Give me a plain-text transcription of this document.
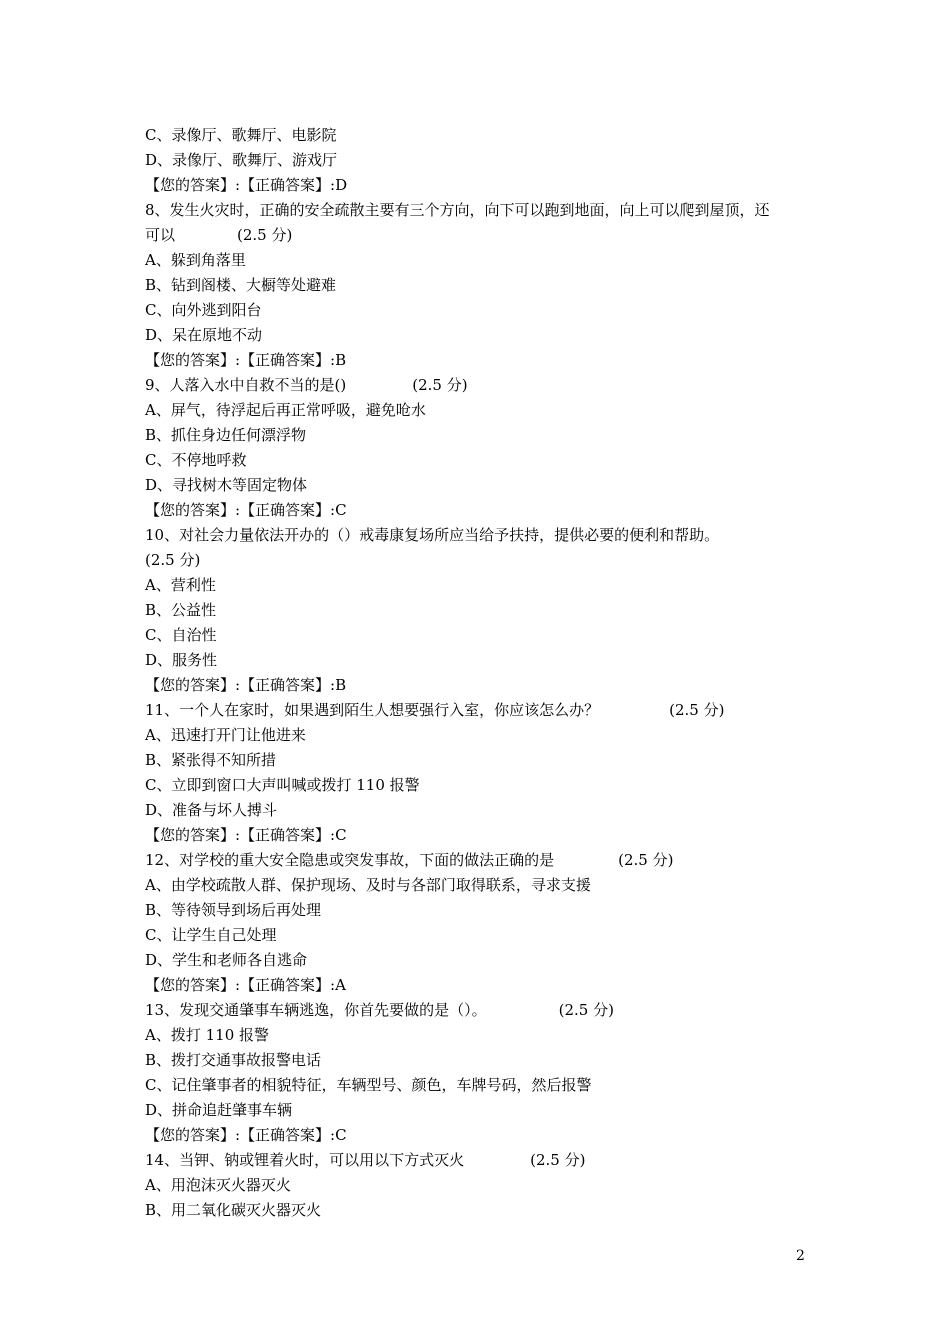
C、录像厅、歌舞厅、电影院
D、录像厅、歌舞厅、游戏厅
【您的答案】:【正确答案】:D
8、发生火灾时，正确的安全疏散主要有三个方向，向下可以跑到地面，向上可以爬到屋顶，还
可以	(2.5 分)
A、躲到角落里
B、钻到阁楼、大橱等处避难
C、向外逃到阳台
D、呆在原地不动
【您的答案】:【正确答案】:B
9、人落入水中自救不当的是()	(2.5 分)
A、屏气，待浮起后再正常呼吸，避免呛水
B、抓住身边任何漂浮物
C、不停地呼救
D、寻找树木等固定物体
【您的答案】:【正确答案】:C
10、对社会力量依法开办的（）戒毒康复场所应当给予扶持，提供必要的便利和帮助。
(2.5 分)
A、营利性
B、公益性
C、自治性
D、服务性
【您的答案】:【正确答案】:B
11、一个人在家时，如果遇到陌生人想要强行入室，你应该怎么办？	(2.5 分)
A、迅速打开门让他进来
B、紧张得不知所措
C、立即到窗口大声叫喊或拨打 110 报警
D、准备与坏人搏斗
【您的答案】:【正确答案】:C
12、对学校的重大安全隐患或突发事故，下面的做法正确的是	(2.5 分)
A、由学校疏散人群、保护现场、及时与各部门取得联系，寻求支援
B、等待领导到场后再处理
C、让学生自己处理
D、学生和老师各自逃命
【您的答案】:【正确答案】:A
13、发现交通肇事车辆逃逸，你首先要做的是（）。	(2.5 分)
A、拨打 110 报警
B、拨打交通事故报警电话
C、记住肇事者的相貌特征，车辆型号、颜色，车牌号码，然后报警
D、拼命追赶肇事车辆
【您的答案】:【正确答案】:C
14、当钾、钠或锂着火时，可以用以下方式灭火	(2.5 分)
A、用泡沫灭火器灭火
B、用二氧化碳灭火器灭火
2
